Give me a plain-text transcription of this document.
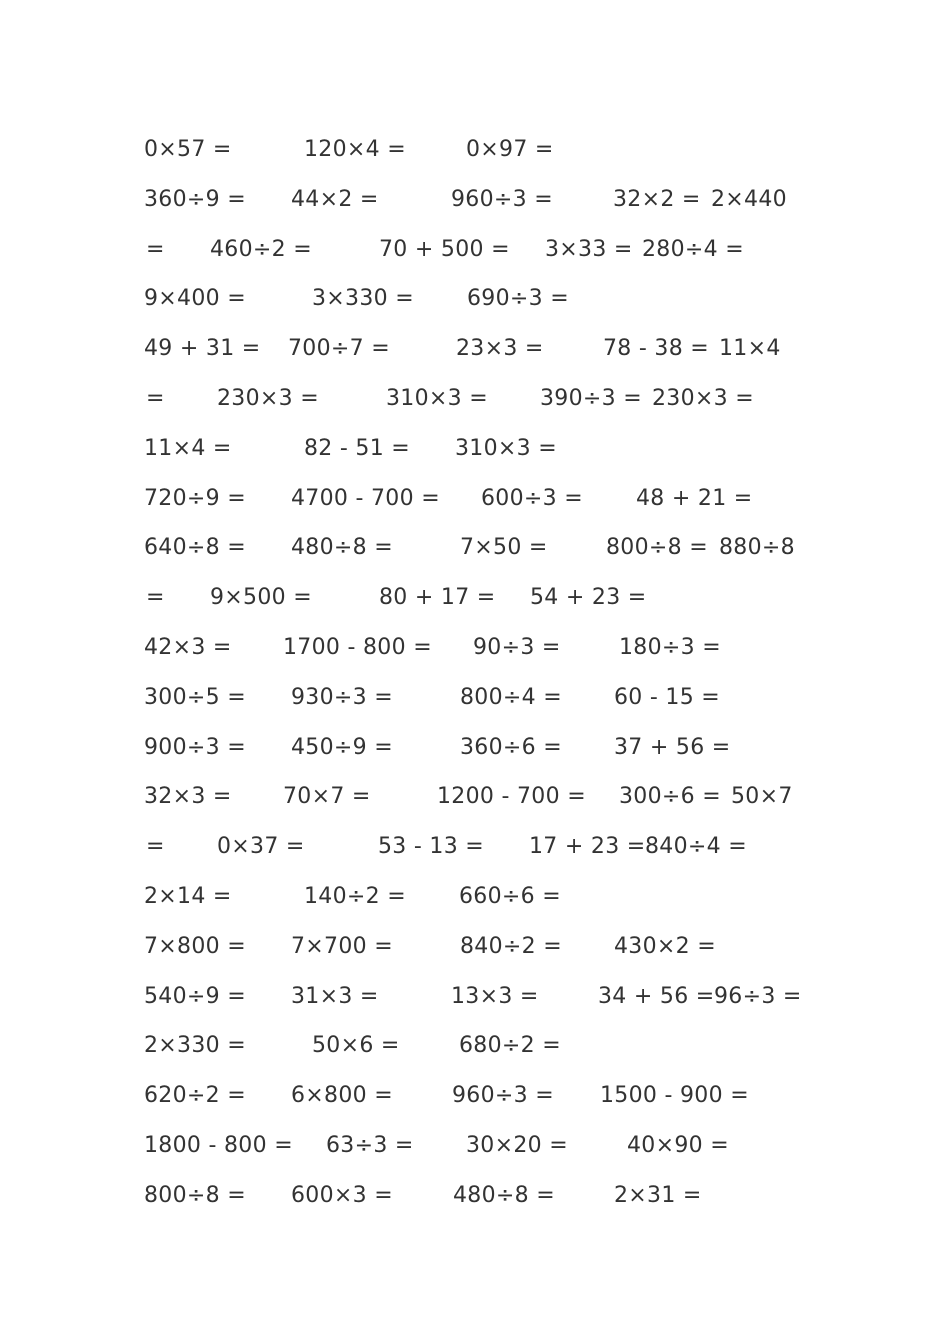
0×57 =	120×4 =	0×97 =
360÷9 = 44×2 =	960÷3 =	32×2 = 2×440
= 460÷2 =	70 + 500 = 3×33 = 280÷4 =
9×400 =	3×330 = 690÷3 =
49 + 31 = 700÷7 =	23×3 =	78 - 38 = 11×4
= 230×3 =	310×3 = 390÷3 = 230×3 =
11×4 =	82 - 51 = 310×3 =
720÷9 = 4700 - 700 = 600÷3 = 48 + 21 =
640÷8 = 480÷8 =	7×50 =	800÷8 = 880÷8
= 9×500 =	80 + 17 = 54 + 23 =
42×3 = 1700 - 800 = 90÷3 =	180÷3 =
300÷5 = 930÷3 =	800÷4 = 60 - 15 =
900÷3 = 450÷9 =	360÷6 = 37 + 56 =
32×3 = 70×7 =	1200 - 700 = 300÷6 = 50×7
= 0×37 =	53 - 13 = 17 + 23 = 840÷4 =
2×14 =	140÷2 = 660÷6 =
7×800 = 7×700 =	840÷2 = 430×2 =
540÷9 = 31×3 =	13×3 =	34 + 56 = 96÷3 =
2×330 =	50×6 =	680÷2 =
620÷2 = 6×800 =	960÷3 = 1500 - 900 =
1800 - 800 = 63÷3 = 30×20 =	40×90 =
800÷8 = 600×3 =	480÷8 =	2×31 =
